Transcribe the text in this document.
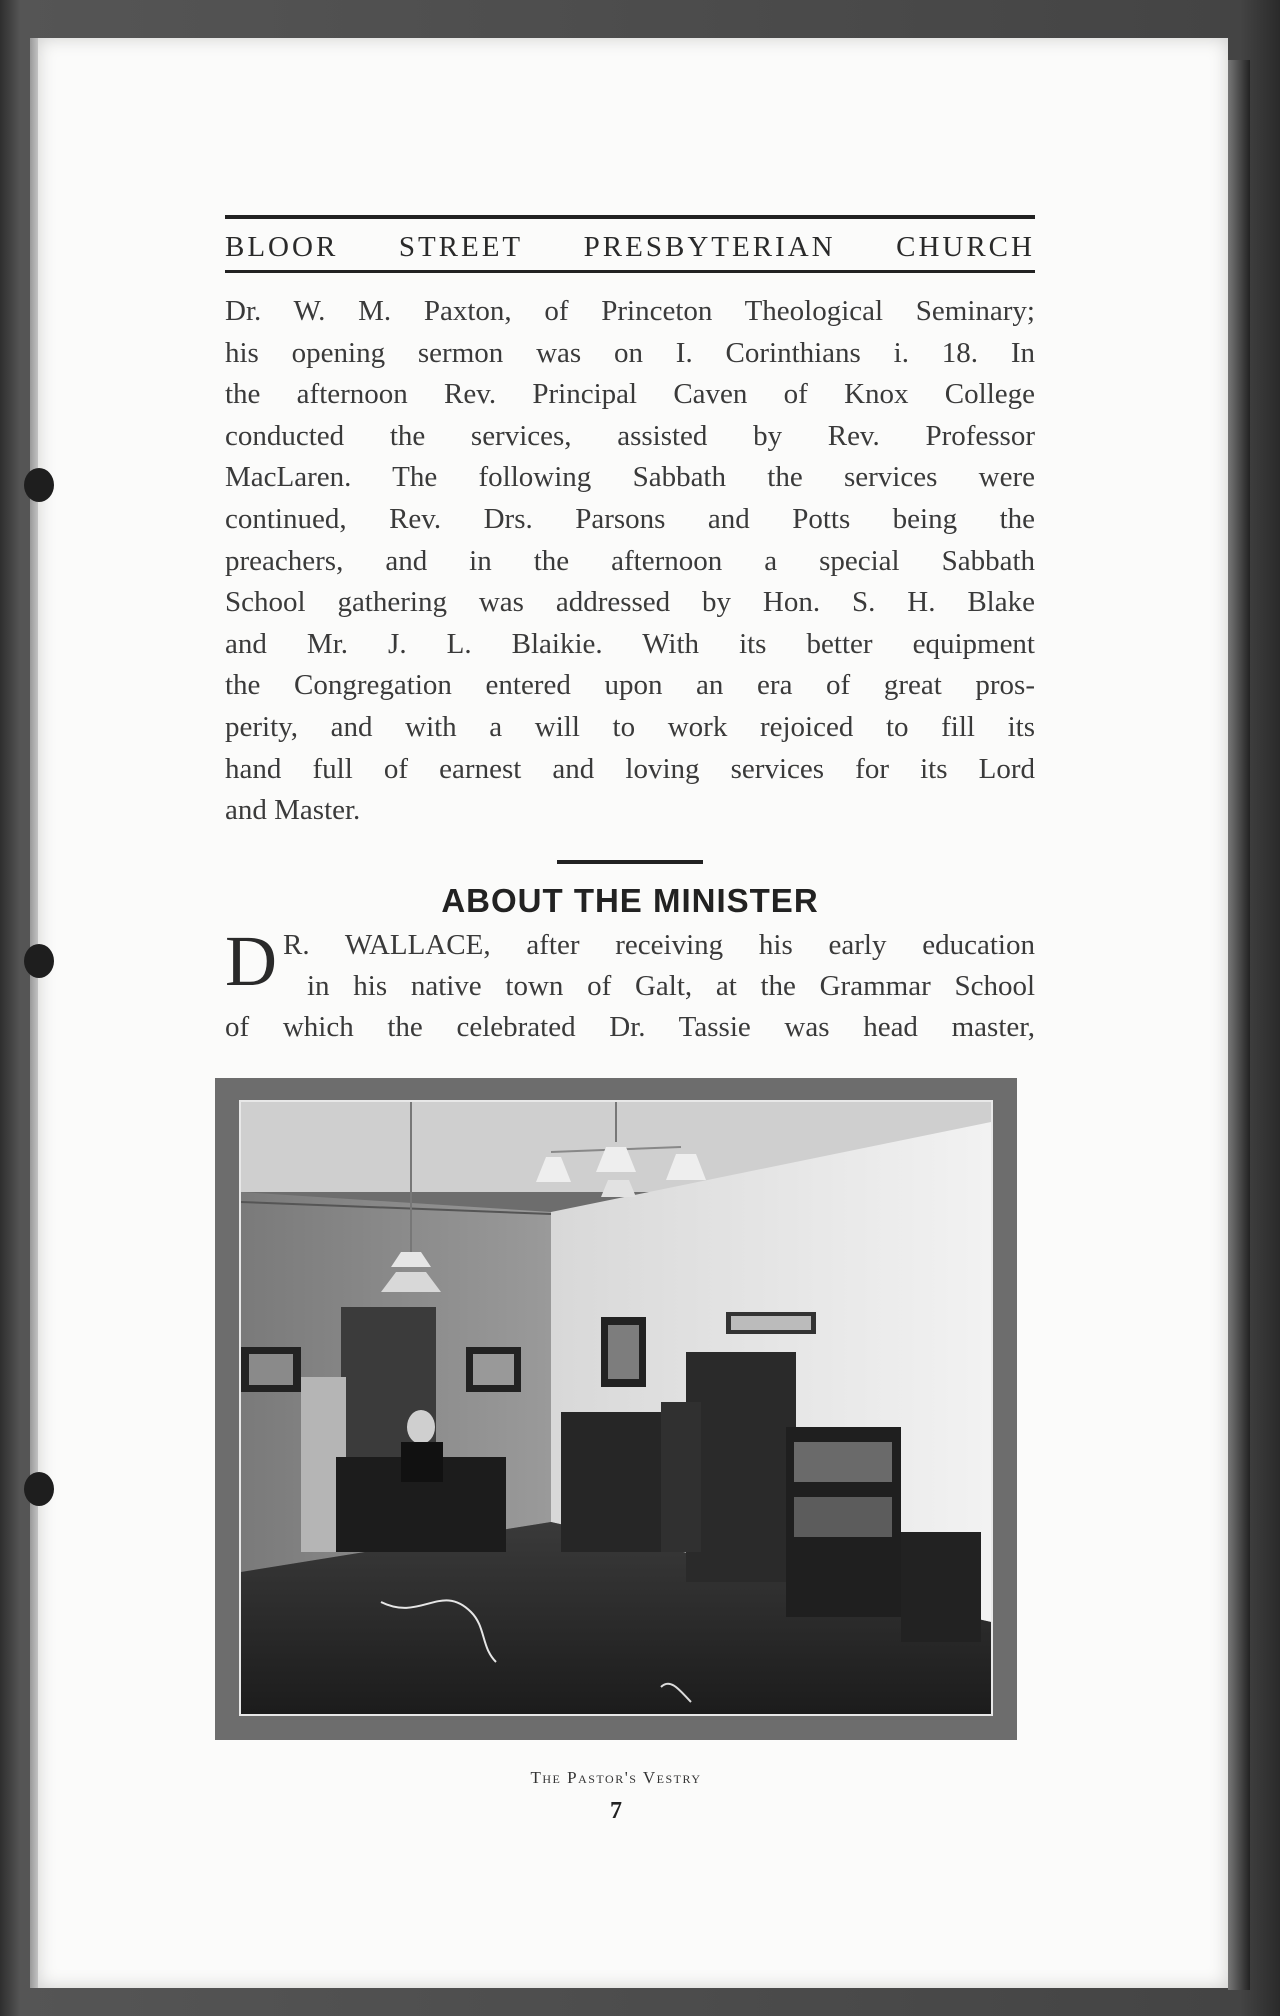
BLOOR STREET PRESBYTERIAN CHURCH
Dr. W. M. Paxton, of Princeton Theological Seminary;
his opening sermon was on I. Corinthians i. 18. In
the afternoon Rev. Principal Caven of Knox College
conducted the services, assisted by Rev. Professor
MacLaren. The following Sabbath the services were
continued, Rev. Drs. Parsons and Potts being the
preachers, and in the afternoon a special Sabbath
School gathering was addressed by Hon. S. H. Blake
and Mr. J. L. Blaikie. With its better equipment
the Congregation entered upon an era of great pros-
perity, and with a will to work rejoiced to fill its
hand full of earnest and loving services for its Lord
and Master.
ABOUT THE MINISTER
D R. WALLACE, after receiving his early education
in his native town of Galt, at the Grammar School
of which the celebrated Dr. Tassie was head master,
The Pastor's Vestry
7
